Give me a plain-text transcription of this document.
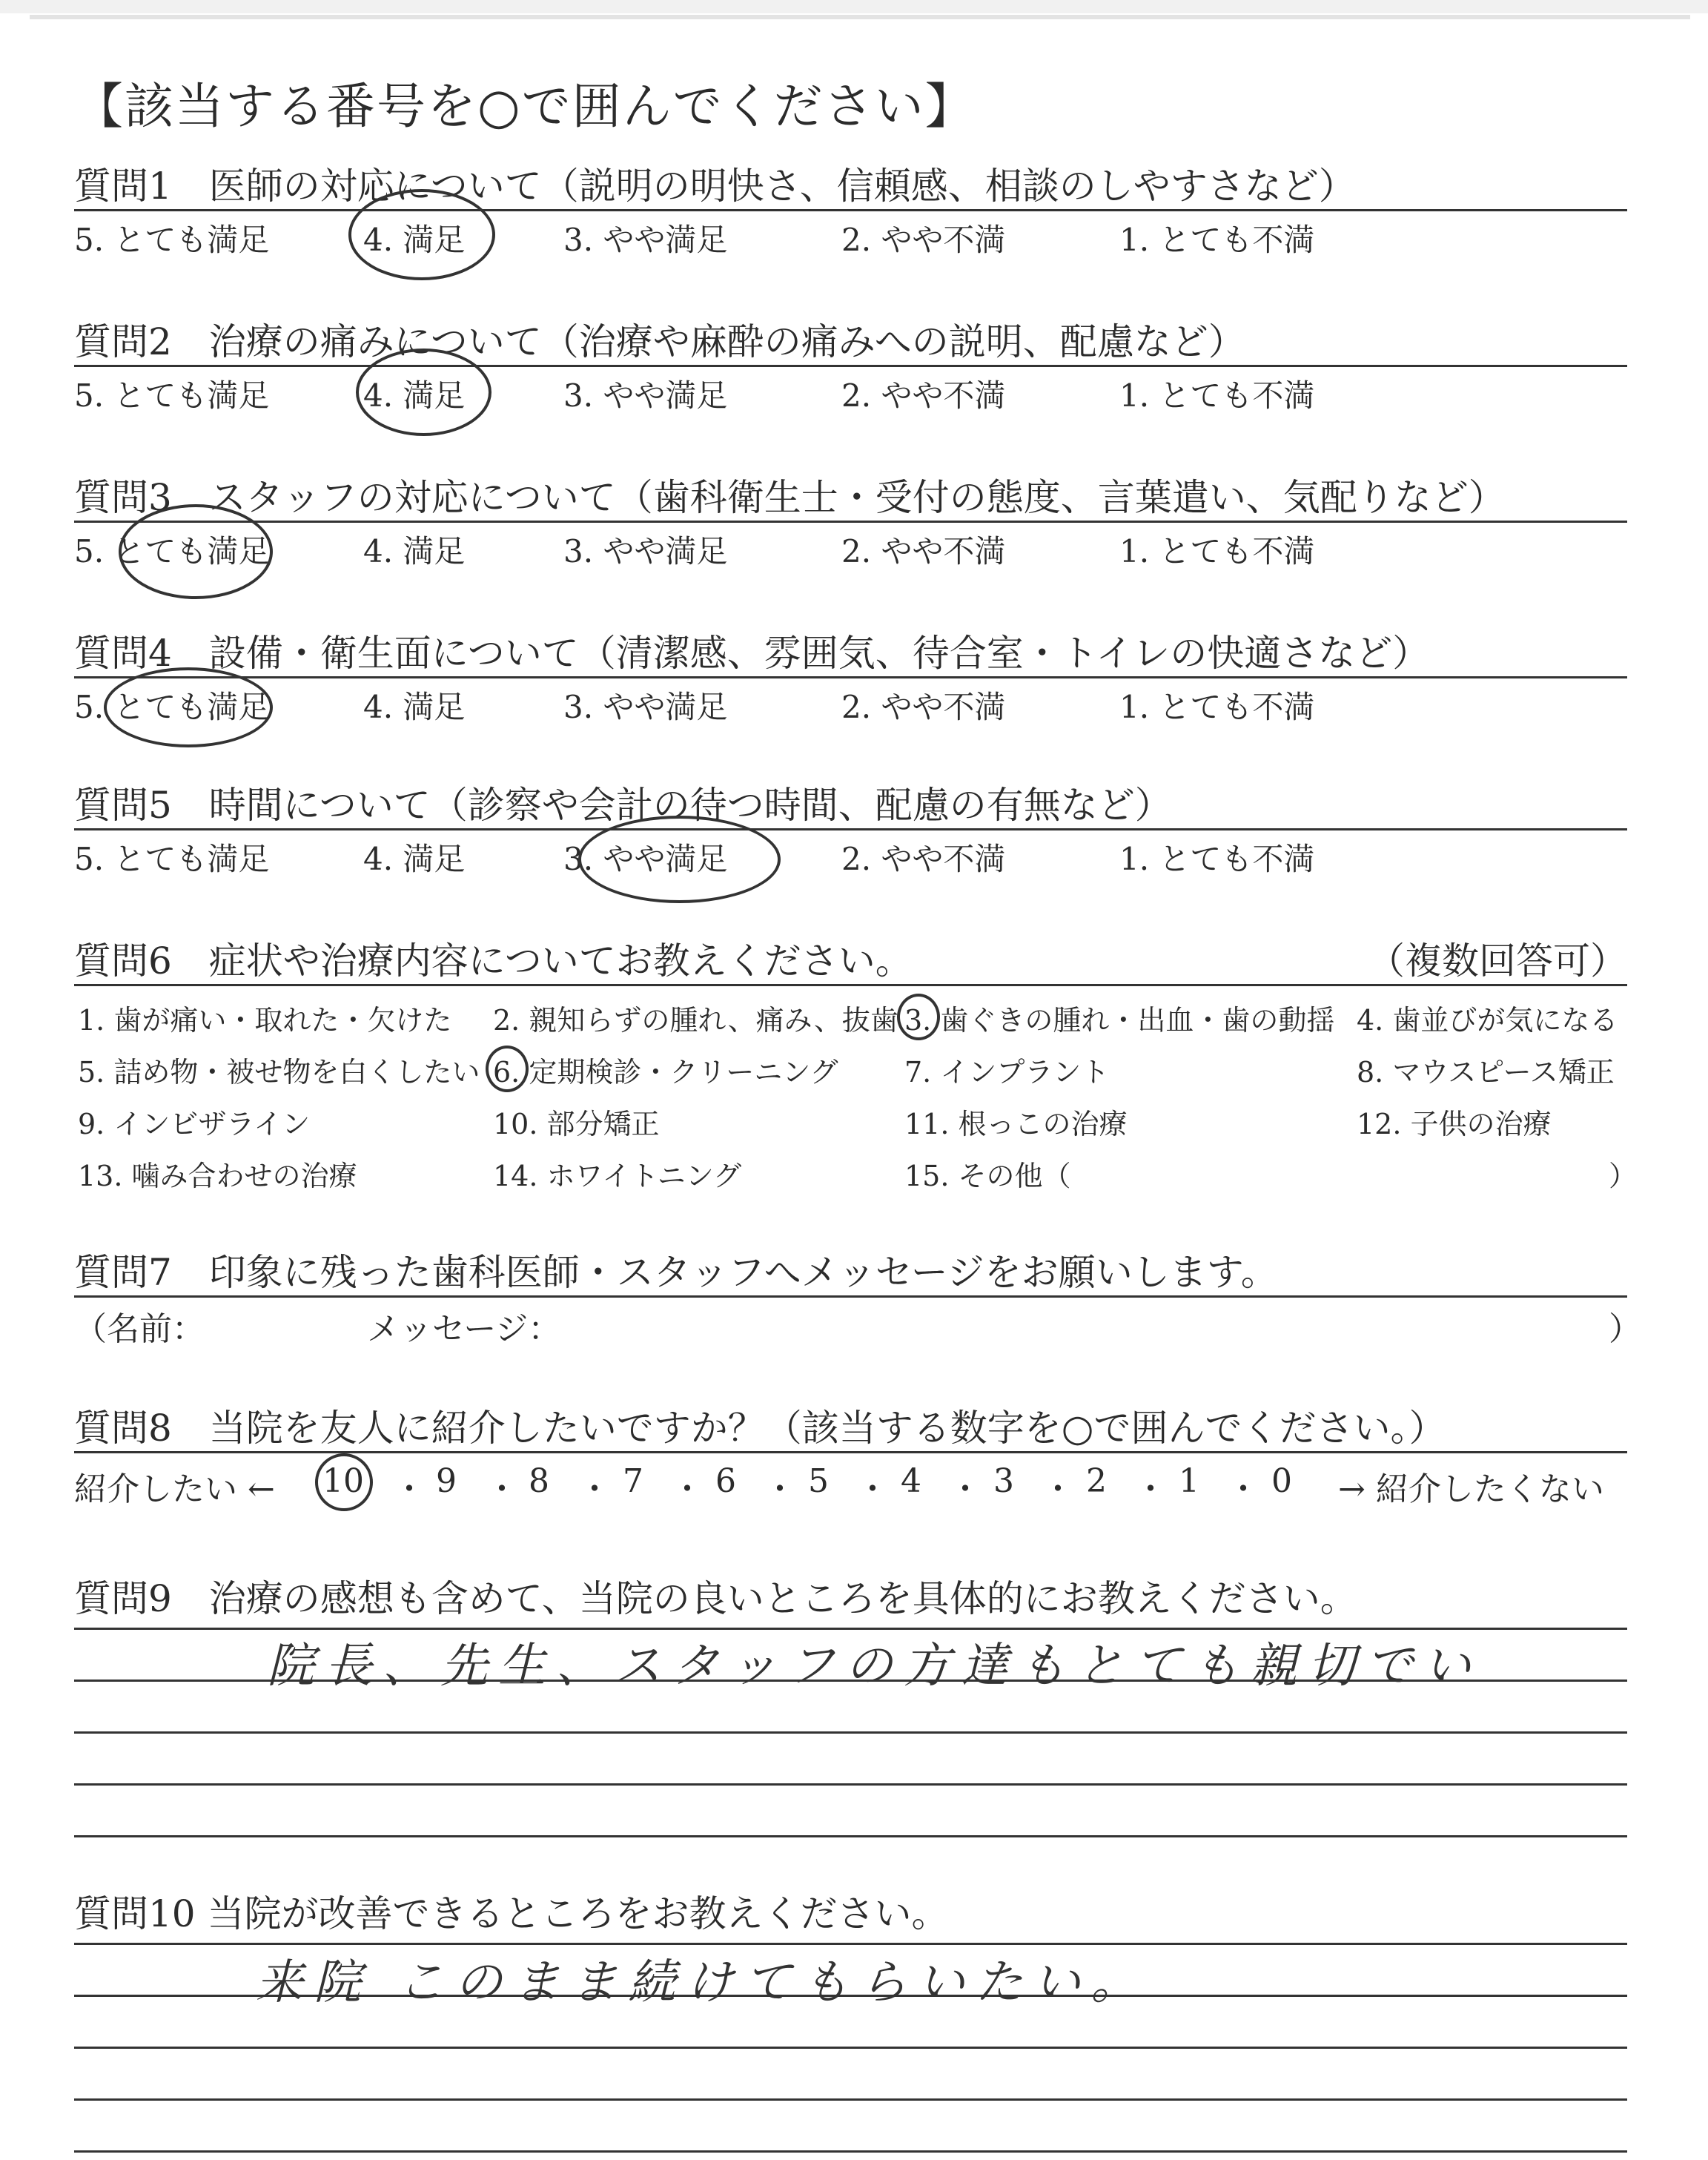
【該当する番号を○で囲んでください】
質問1　医師の対応について（説明の明快さ、信頼感、相談のしやすさなど）
5. とても満足	4. 満足	3. やや満足	2. やや不満	1. とても不満
質問2　治療の痛みについて（治療や麻酔の痛みへの説明、配慮など）
5. とても満足	4. 満足	3. やや満足	2. やや不満	1. とても不満
質問3　スタッフの対応について（歯科衛生士・受付の態度、言葉遣い、気配りなど）
5. とても満足	4. 満足	3. やや満足	2. やや不満	1. とても不満
質問4　設備・衛生面について（清潔感、雰囲気、待合室・トイレの快適さなど）
5. とても満足	4. 満足	3. やや満足	2. やや不満	1. とても不満
質問5　時間について（診察や会計の待つ時間、配慮の有無など）
5. とても満足	4. 満足	3. やや満足	2. やや不満	1. とても不満
質問6　症状や治療内容についてお教えください。	（複数回答可）
1. 歯が痛い・取れた・欠けた 2. 親知らずの腫れ、痛み、抜歯 3. 歯ぐきの腫れ・出血・歯の動揺 4. 歯並びが気になる
5. 詰め物・被せ物を白くしたい 6. 定期検診・クリーニング 7. インプラント	8. マウスピース矯正
9. インビザライン	10. 部分矯正	11. 根っこの治療	12. 子供の治療
13. 噛み合わせの治療	14. ホワイトニング	15. その他（	）
質問7　印象に残った歯科医師・スタッフへメッセージをお願いします。
（名前：	メッセージ：	）
質問8　当院を友人に紹介したいですか？（該当する数字を○で囲んでください。）
紹介したい ← 10 ・ 9 ・ 8 ・ 7 ・ 6 ・ 5 ・ 4 ・ 3 ・ 2 ・ 1 ・ 0 → 紹介したくない
質問9　治療の感想も含めて、当院の良いところを具体的にお教えください。
院長、先生、スタッフの方達もとても親切でい
質問10 当院が改善できるところをお教えください。
来院 このまま続けてもらいたい。
